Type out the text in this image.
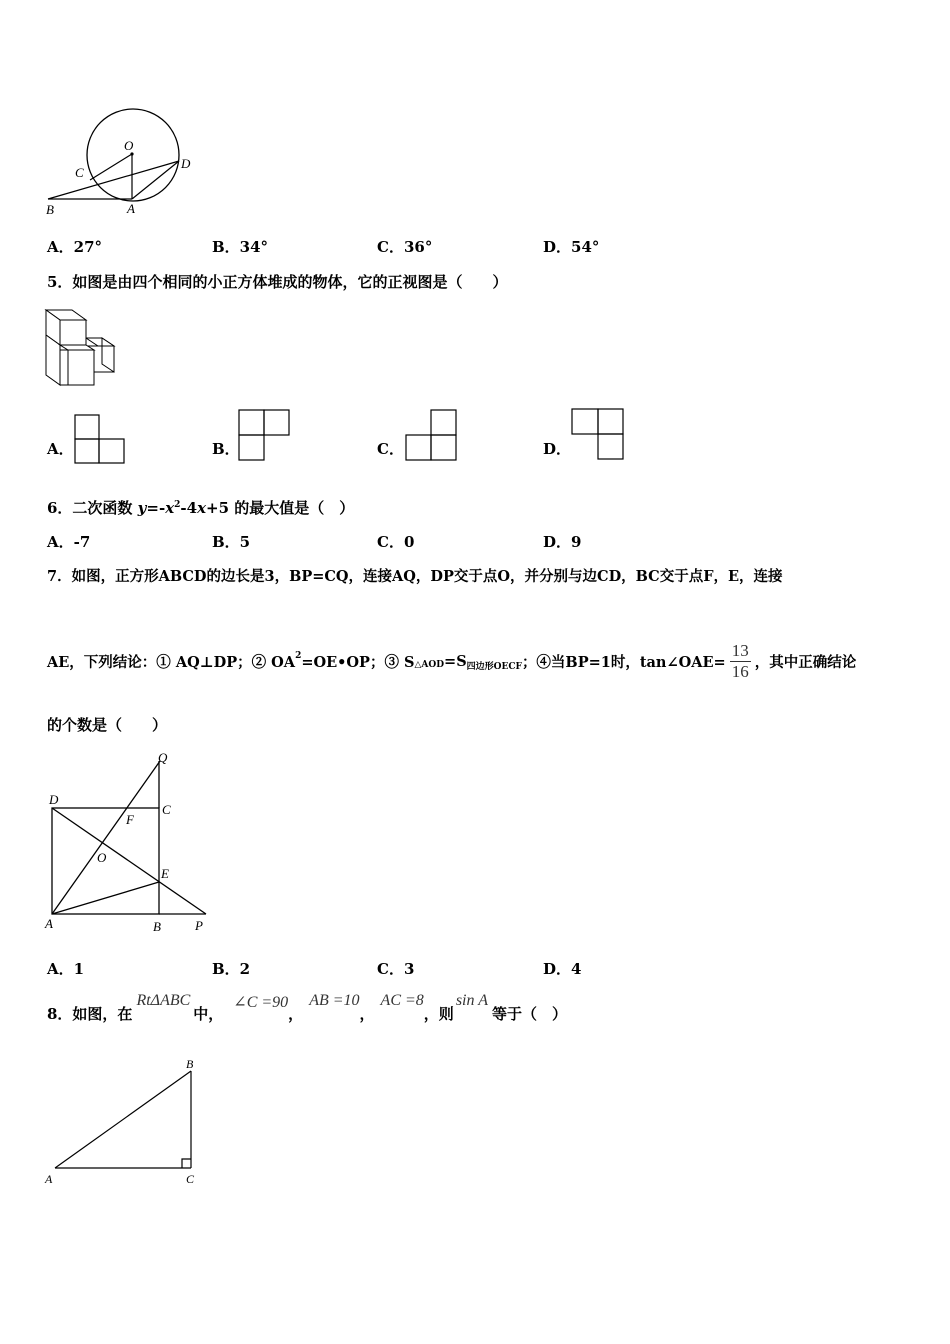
O
C
D
B	A
A．27°	B．34°	C．36°	D．54°
5．如图是由四个相同的小正方体堆成的物体，它的正视图是（　　）
A．	B．	C．	D．
6．二次函数 $y=-x^2-4x+5$ 的最大值是（　）
A．-7	B．5	C．0	D．9
7．如图，正方形ABCD的边长是3，BP=CQ，连接AQ，DP交于点O，并分别与边CD，BC交于点F，E，连接
AE，下列结论：① AQ⊥DP；② $OA^2$ =OE•OP；③ $S_{\triangle AOD} =S_{四边形OECF}$ ；④当BP=1时，tan∠OAE= $\frac{13}{16}$ ，其中正确结论
的个数是（　　）
Q
D
C
F
O
E
A	B	P
A．1	B．2	C．3	D．4
8．如图，在
RtΔABC
中，
∠C =90
，
AB =10
，
AC =8
，则
sin A
等于（　）
B
A	C
